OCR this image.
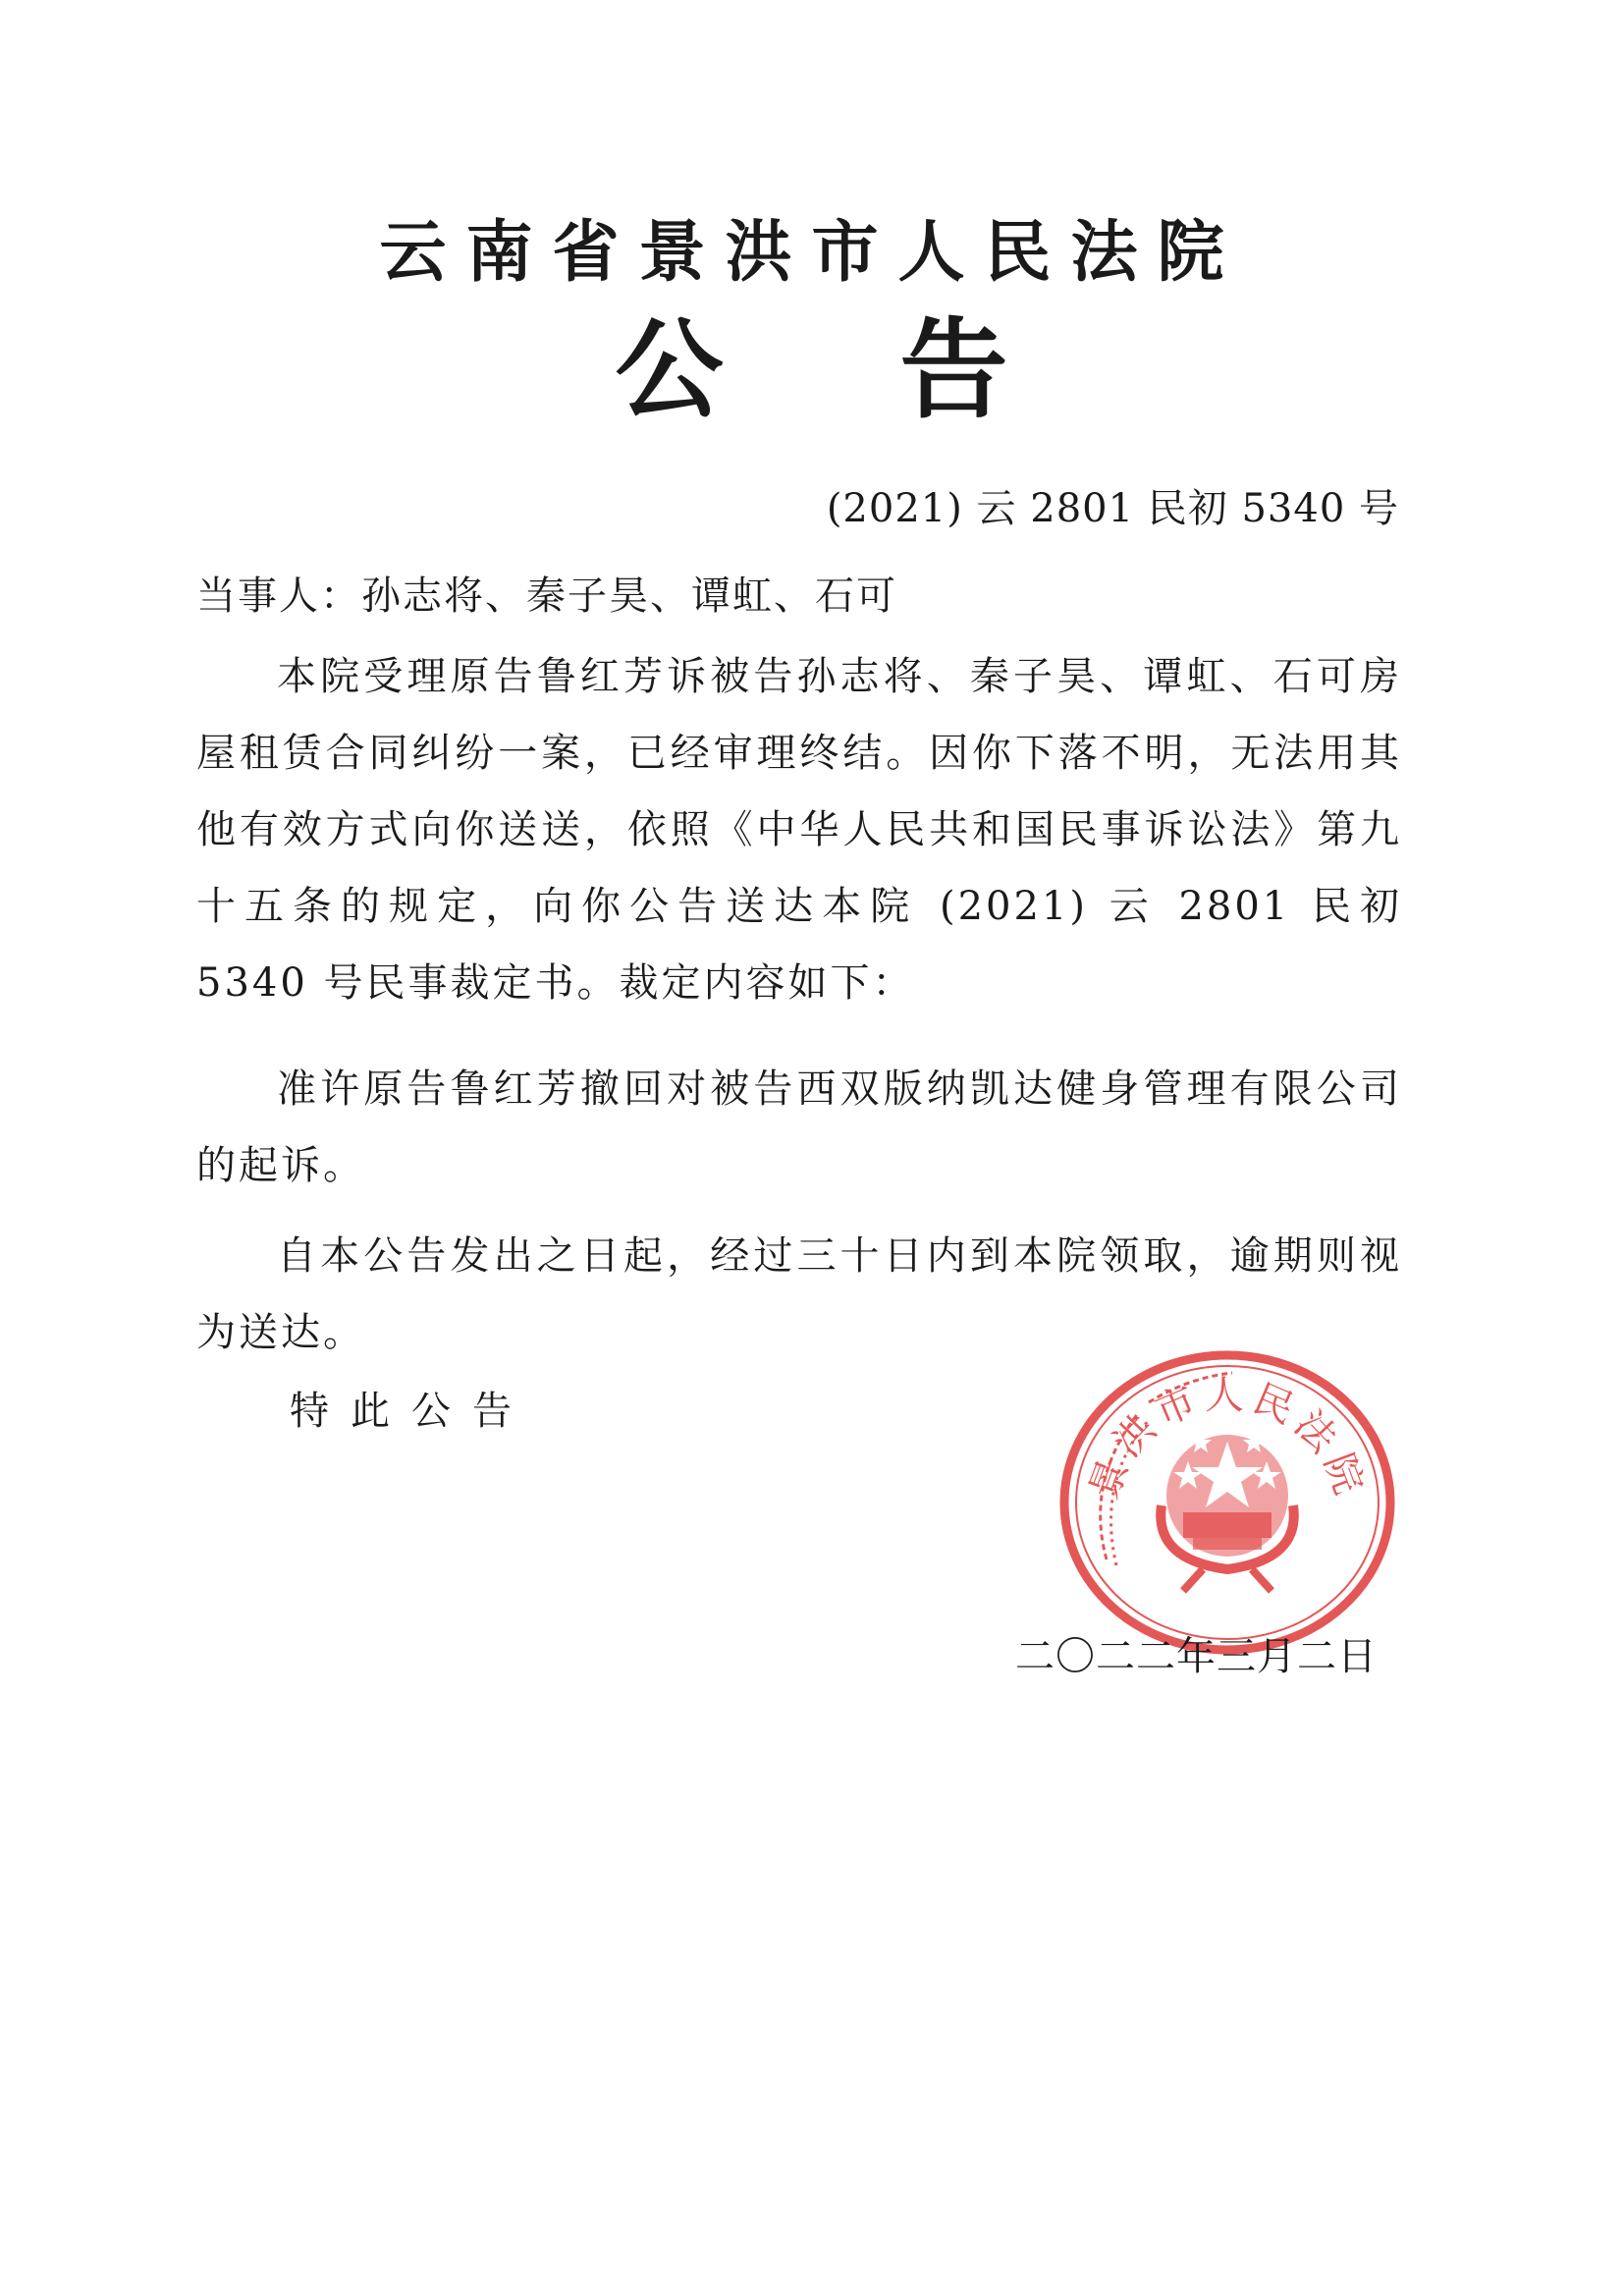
云南省景洪市人民法院
公告
(2021) 云 2801 民初 5340 号
当事人：孙志将、秦子昊、谭虹、石可
本院受理原告鲁红芳诉被告孙志将、秦子昊、谭虹、石可房屋租赁合同纠纷一案，已经审理终结。因你下落不明，无法用其他有效方式向你送送，依照《中华人民共和国民事诉讼法》第九十五条的规定，向你公告送达本院 (2021) 云 2801 民初 5340 号民事裁定书。裁定内容如下：
准许原告鲁红芳撤回对被告西双版纳凯达健身管理有限公司的起诉。
自本公告发出之日起，经过三十日内到本院领取，逾期则视为送达。
特此公告
景洪市人民法院
二〇二二年三月二日
